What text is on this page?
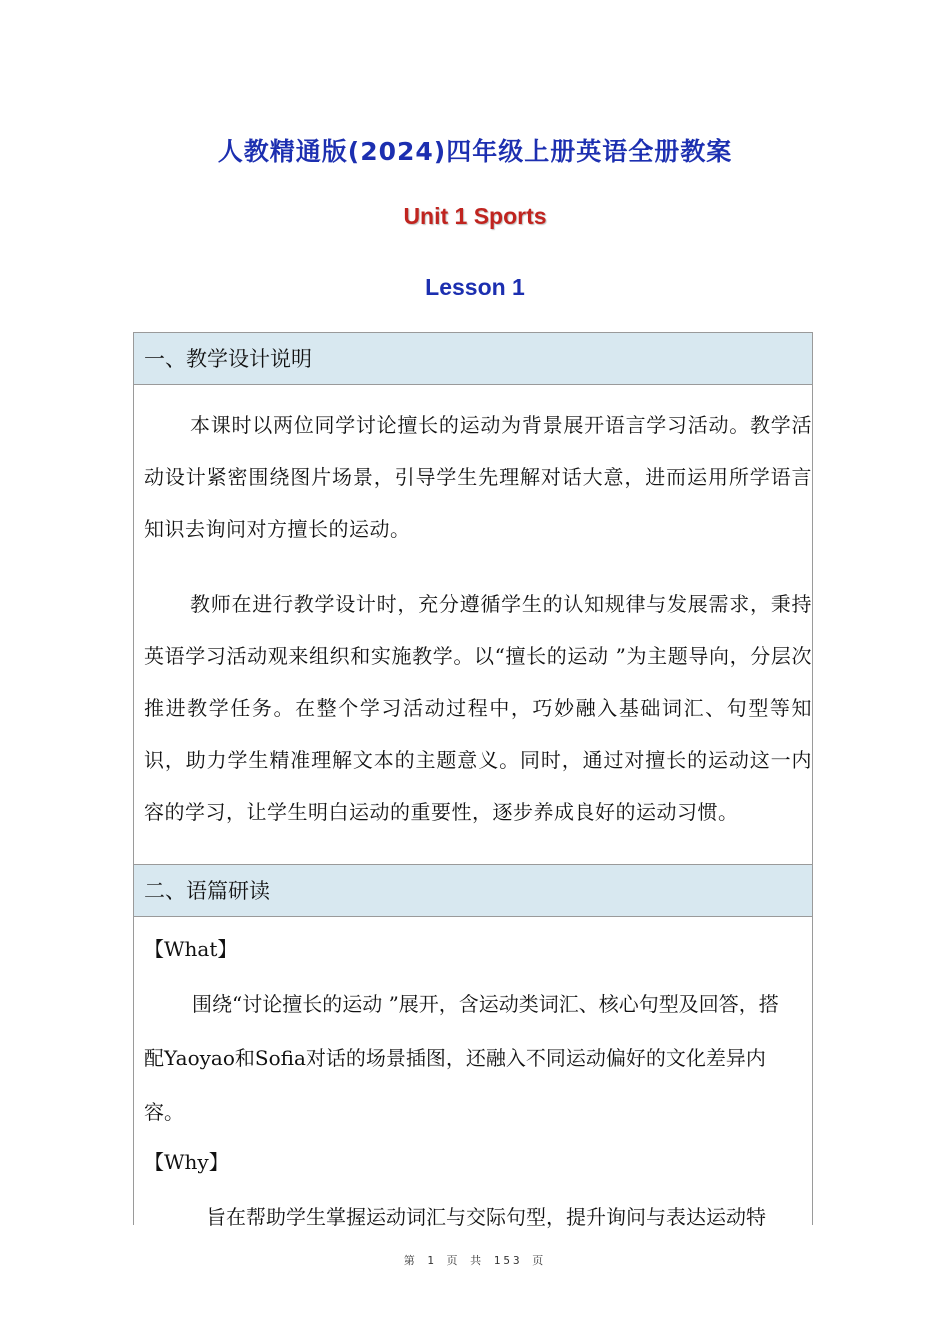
人教精通版(2024)四年级上册英语全册教案
Unit 1 Sports
Lesson 1
一、教学设计说明
本课时以两位同学讨论擅长的运动为背景展开语言学习活动。教学活动设计紧密围绕图片场景，引导学生先理解对话大意，进而运用所学语言知识去询问对方擅长的运动。
教师在进行教学设计时，充分遵循学生的认知规律与发展需求，秉持英语学习活动观来组织和实施教学。以“擅长的运动 ”为主题导向，分层次推进教学任务。在整个学习活动过程中，巧妙融入基础词汇、句型等知识，助力学生精准理解文本的主题意义。同时，通过对擅长的运动这一内容的学习，让学生明白运动的重要性，逐步养成良好的运动习惯。
二、语篇研读
【What】
围绕“讨论擅长的运动 ”展开，含运动类词汇、核心句型及回答，搭配Yaoyao和Sofia对话的场景插图，还融入不同运动偏好的文化差异内容。
【Why】
旨在帮助学生掌握运动词汇与交际句型，提升询问与表达运动特
第 1 页 共 153 页
